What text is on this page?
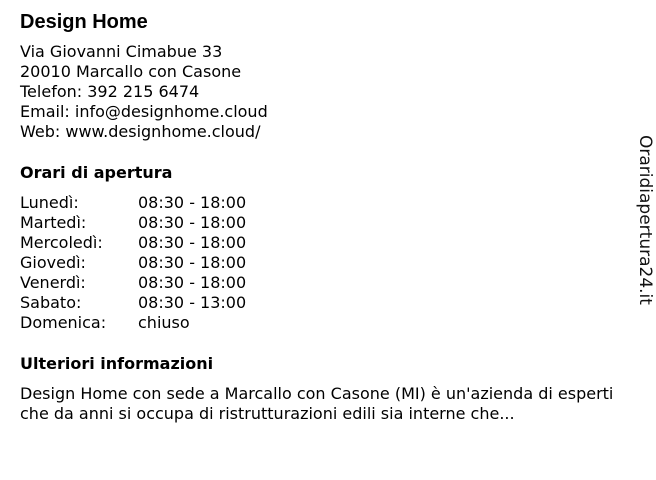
Design Home
Via Giovanni Cimabue 33
20010 Marcallo con Casone
Telefon: 392 215 6474
Email: info@designhome.cloud
Web: www.designhome.cloud/
Orari di apertura
Lunedì:	08:30 - 18:00
Martedì:	08:30 - 18:00
Mercoledì:	08:30 - 18:00
Giovedì:	08:30 - 18:00
Venerdì:	08:30 - 18:00
Sabato:	08:30 - 13:00
Domenica:	chiuso
Ulteriori informazioni
Design Home con sede a Marcallo con Casone (MI) è un'azienda di esperti che da anni si occupa di ristrutturazioni edili sia interne che...
Oraridiapertura24.it
